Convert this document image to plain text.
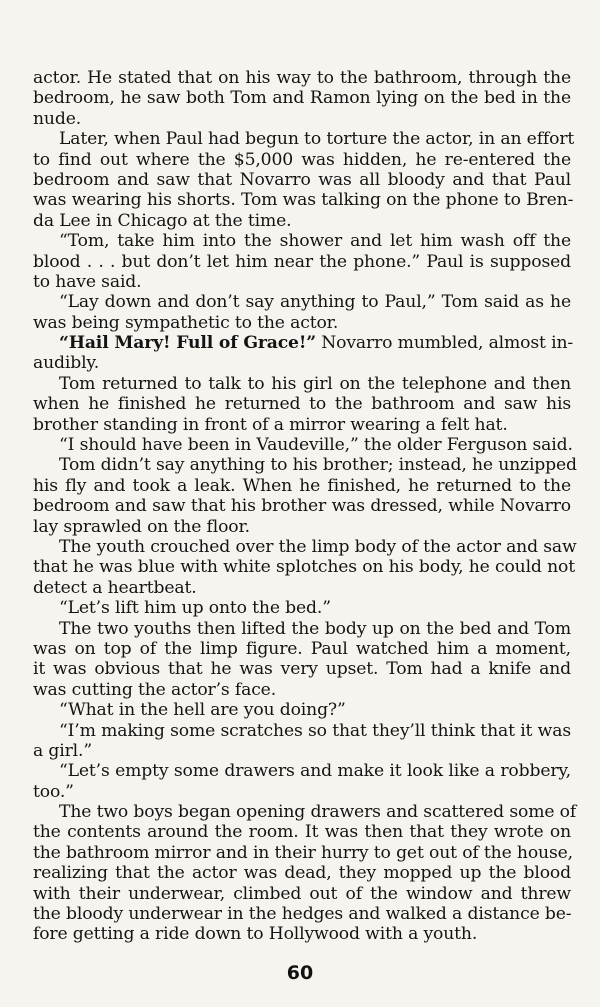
actor. He stated that on his way to the bathroom, through the
bedroom, he saw both Tom and Ramon lying on the bed in the
nude.
Later, when Paul had begun to torture the actor, in an effort
to find out where the $5,000 was hidden, he re-entered the
bedroom and saw that Novarro was all bloody and that Paul
was wearing his shorts. Tom was talking on the phone to Bren-
da Lee in Chicago at the time.
“Tom, take him into the shower and let him wash off the
blood . . . but don’t let him near the phone.” Paul is supposed
to have said.
“Lay down and don’t say anything to Paul,” Tom said as he
was being sympathetic to the actor.
“Hail Mary! Full of Grace!” Novarro mumbled, almost in-
audibly.
Tom returned to talk to his girl on the telephone and then
when he finished he returned to the bathroom and saw his
brother standing in front of a mirror wearing a felt hat.
“I should have been in Vaudeville,” the older Ferguson said.
Tom didn’t say anything to his brother; instead, he unzipped
his fly and took a leak. When he finished, he returned to the
bedroom and saw that his brother was dressed, while Novarro
lay sprawled on the floor.
The youth crouched over the limp body of the actor and saw
that he was blue with white splotches on his body, he could not
detect a heartbeat.
“Let’s lift him up onto the bed.”
The two youths then lifted the body up on the bed and Tom
was on top of the limp figure. Paul watched him a moment,
it was obvious that he was very upset. Tom had a knife and
was cutting the actor’s face.
“What in the hell are you doing?”
“I’m making some scratches so that they’ll think that it was
a girl.”
“Let’s empty some drawers and make it look like a robbery,
too.”
The two boys began opening drawers and scattered some of
the contents around the room. It was then that they wrote on
the bathroom mirror and in their hurry to get out of the house,
realizing that the actor was dead, they mopped up the blood
with their underwear, climbed out of the window and threw
the bloody underwear in the hedges and walked a distance be-
fore getting a ride down to Hollywood with a youth.
60
